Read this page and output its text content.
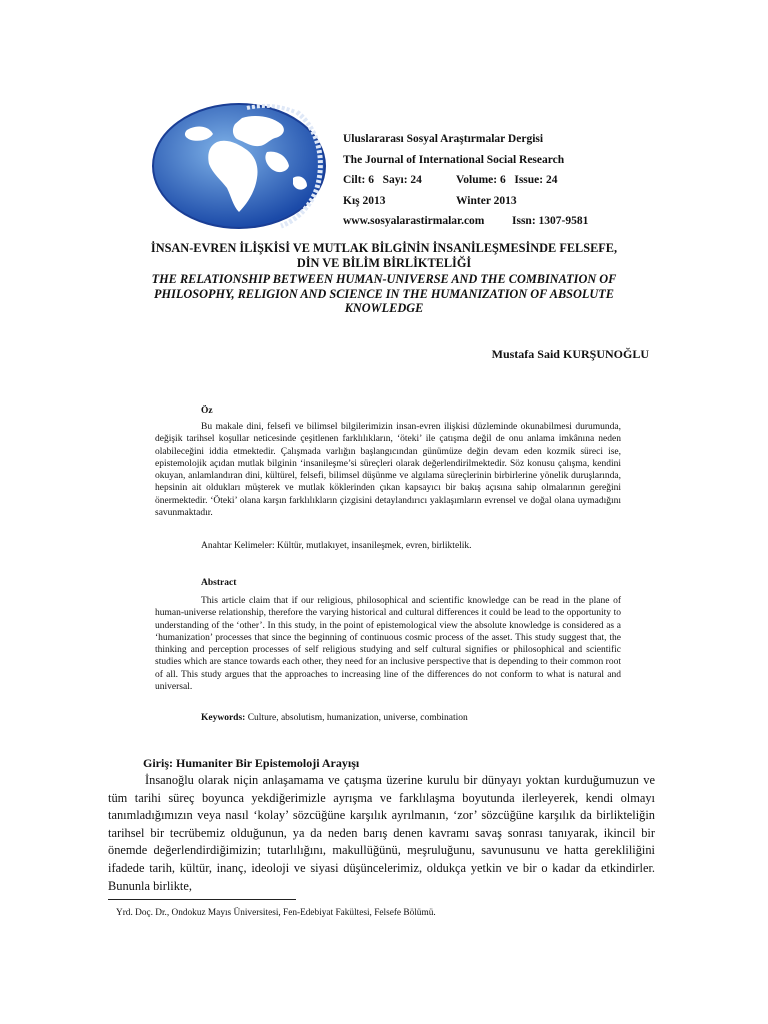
Uluslararası Sosyal Araştırmalar Dergisi
The Journal of International Social Research
Cilt: 6   Sayı: 24	Volume: 6   Issue: 24
Kış 2013	Winter 2013
www.sosyalarastirmalar.com Issn: 1307-9581
İNSAN-EVREN İLİŞKİSİ VE MUTLAK BİLGİNİN İNSANİLEŞMESİNDE FELSEFE,
DİN VE BİLİM BİRLİKTELİĞİ
THE RELATIONSHIP BETWEEN HUMAN-UNIVERSE AND THE COMBINATION OF
PHILOSOPHY, RELIGION AND SCIENCE IN THE HUMANIZATION OF ABSOLUTE
KNOWLEDGE
Mustafa Said KURŞUNOĞLU
Öz

Bu makale dini, felsefi ve bilimsel bilgilerimizin insan-evren ilişkisi düzleminde okunabilmesi durumunda, değişik tarihsel koşullar neticesinde çeşitlenen farklılıkların, ‘öteki’ ile çatışma değil de onu anlama imkânına neden olabileceğini iddia etmektedir. Çalışmada varlığın başlangıcından günümüze değin devam eden kozmik süreci ise, epistemolojik açıdan mutlak bilginin ‘insanileşme’si süreçleri olarak değerlendirilmektedir. Söz konusu çalışma, kendini okuyan, anlamlandıran dini, kültürel, felsefi, bilimsel düşünme ve algılama süreçlerinin birbirlerine yönelik duruşlarında, hepsinin ait oldukları müşterek ve mutlak köklerinden çıkan kapsayıcı bir bakış açısına sahip olmalarının gereğini önermektedir. ‘Öteki’ olana karşın farklılıkların çizgisini detaylandırıcı yaklaşımların evrensel ve doğal olana uymadığını savunmaktadır.

Anahtar Kelimeler: Kültür, mutlakıyet, insanileşmek, evren, birliktelik.
Abstract

This article claim that if our religious, philosophical and scientific knowledge can be read in the plane of human-universe relationship, therefore the varying historical and cultural differences it could be lead to the opportunity to understanding of the ‘other’. In this study, in the point of epistemological view the absolute knowledge is considered as a ‘humanization’ processes that since the beginning of continuous cosmic process of the asset. This study suggest that, the thinking and perception processes of self religious studying and self cultural signifies or philosophical and scientific studies which are stance towards each other, they need for an inclusive perspective that is depending to their common root of all. This study argues that the approaches to increasing line of the differences do not conform to what is natural and universal.

Keywords: Culture, absolutism, humanization, universe, combination
Giriş: Humaniter Bir Epistemoloji Arayışı

İnsanoğlu olarak niçin anlaşamama ve çatışma üzerine kurulu bir dünyayı yoktan kurduğumuzun ve tüm tarihi süreç boyunca yekdiğerimizle ayrışma ve farklılaşma boyutunda ilerleyerek, kendi olmayı tanımladığımızın veya nasıl ‘kolay’ sözcüğüne karşılık ayrılmanın, ‘zor’ sözcüğüne karşılık da birlikteliğin tarihsel bir tecrübemiz olduğunun, ya da neden barış denen kavramı savaş sonrası tanıyarak, ikincil bir önemde değerlendirdiğimizin; tutarlılığını, makullüğünü, meşruluğunu, savunusunu ve hatta gerekliliğini ifadede tarih, kültür, inanç, ideoloji ve siyasi düşüncelerimiz, oldukça yetkin ve bir o kadar da etkindirler. Bununla birlikte,

Yrd. Doç. Dr., Ondokuz Mayıs Üniversitesi, Fen-Edebiyat Fakültesi, Felsefe Bölümü.
